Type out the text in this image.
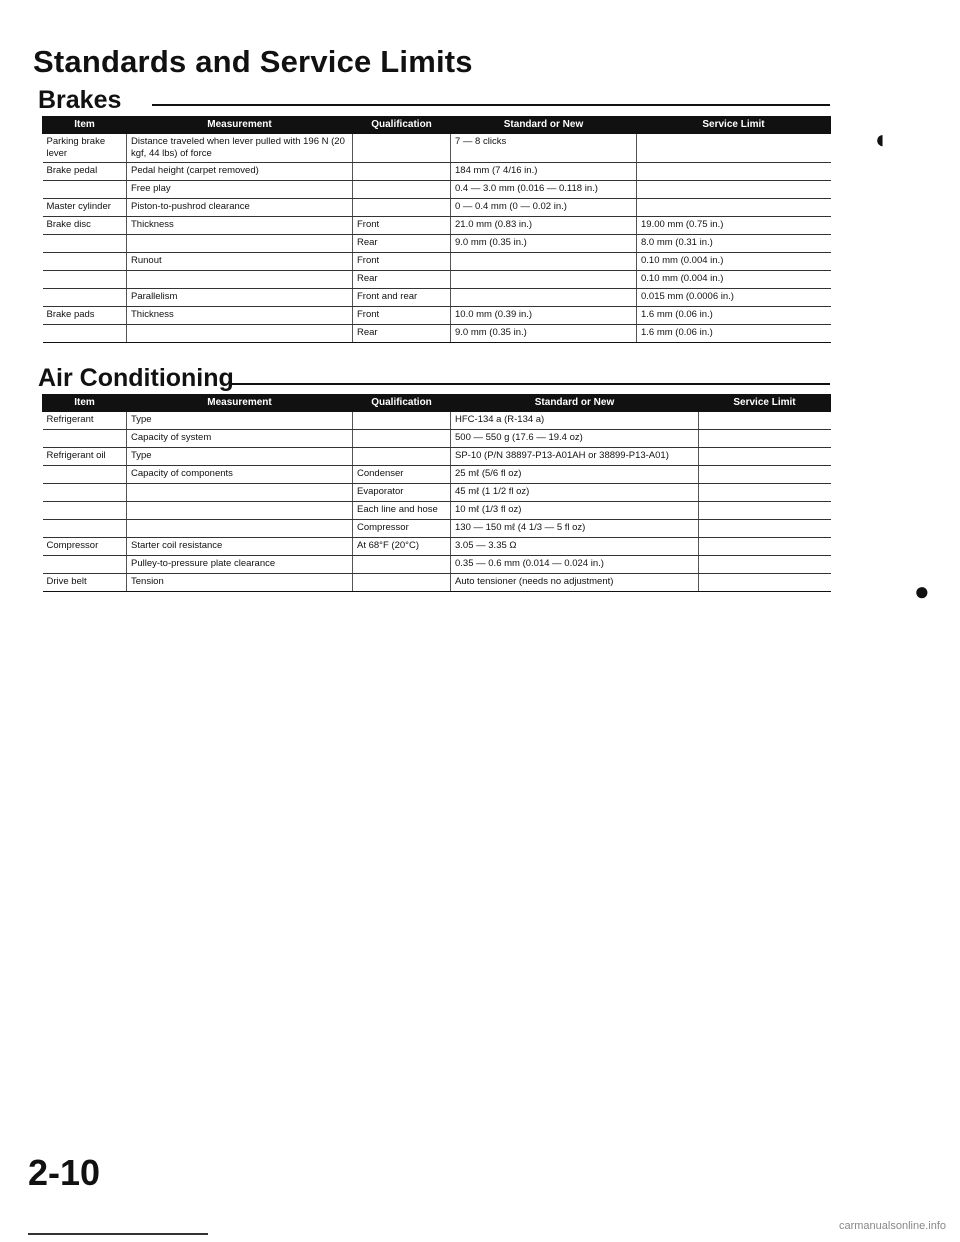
Standards and Service Limits
Brakes
Item	Measurement	Qualification	Standard or New	Service Limit
Parking brake lever	Distance traveled when lever pulled with 196 N (20 kgf, 44 lbs) of force		7 — 8 clicks	
Brake pedal	Pedal height (carpet removed)		184 mm (7 4/16 in.)	
	Free play		0.4 — 3.0 mm (0.016 — 0.118 in.)	
Master cylinder	Piston-to-pushrod clearance		0 — 0.4 mm (0 — 0.02 in.)	
Brake disc	Thickness	Front	21.0 mm (0.83 in.)	19.00 mm (0.75 in.)
		Rear	9.0 mm (0.35 in.)	8.0 mm (0.31 in.)
	Runout	Front		0.10 mm (0.004 in.)
		Rear		0.10 mm (0.004 in.)
	Parallelism	Front and rear		0.015 mm (0.0006 in.)
Brake pads	Thickness	Front	10.0 mm (0.39 in.)	1.6 mm (0.06 in.)
		Rear	9.0 mm (0.35 in.)	1.6 mm (0.06 in.)
Air Conditioning
Item	Measurement	Qualification	Standard or New	Service Limit
Refrigerant	Type		HFC-134 a (R-134 a)	
	Capacity of system		500 — 550 g (17.6 — 19.4 oz)	
Refrigerant oil	Type		SP-10 (P/N 38897-P13-A01AH or 38899-P13-A01)	
	Capacity of components	Condenser	25 mℓ (5/6 fl oz)	
		Evaporator	45 mℓ (1 1/2 fl oz)	
		Each line and hose	10 mℓ (1/3 fl oz)	
		Compressor	130 — 150 mℓ (4 1/3 — 5 fl oz)	
Compressor	Starter coil resistance	At 68°F (20°C)	3.05 — 3.35 Ω	
	Pulley-to-pressure plate clearance		0.35 — 0.6 mm (0.014 — 0.024 in.)	
Drive belt	Tension		Auto tensioner (needs no adjustment)	
◖
●
2-10
carmanualsonline.info
